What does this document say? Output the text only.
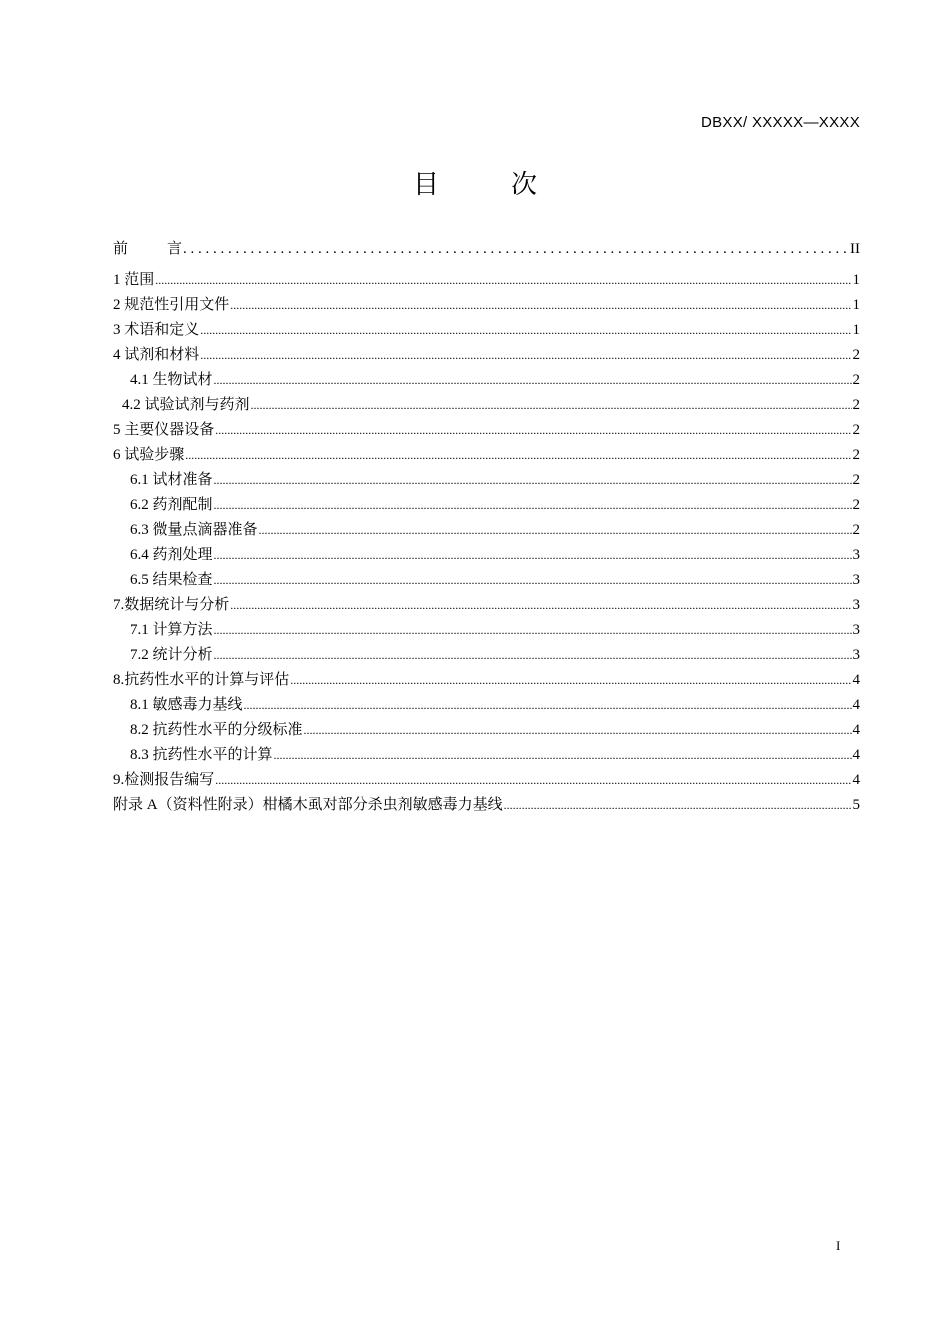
DBXX/ XXXXX—XXXX
目	次
前	言 . . .	II
1 范围 .....	1
2 规范性引用文件 .....	1
3 术语和定义 .....	1
4 试剂和材料 .....	2
4.1 生物试材 .....	2
4.2 试验试剂与药剂 .....	2
5 主要仪器设备 .....	2
6 试验步骤 .....	2
6.1 试材准备 .....	2
6.2 药剂配制 .....	2
6.3 微量点滴器准备 .....	2
6.4 药剂处理 .....	3
6.5 结果检查 .....	3
7.数据统计与分析 .....	3
7.1 计算方法 .....	3
7.2 统计分析 .....	3
8.抗药性水平的计算与评估 .....	4
8.1 敏感毒力基线 .....	4
8.2 抗药性水平的分级标准 .....	4
8.3 抗药性水平的计算 .....	4
9.检测报告编写 .....	4
附录 A（资料性附录）柑橘木虱对部分杀虫剂敏感毒力基线 .....	5
I
